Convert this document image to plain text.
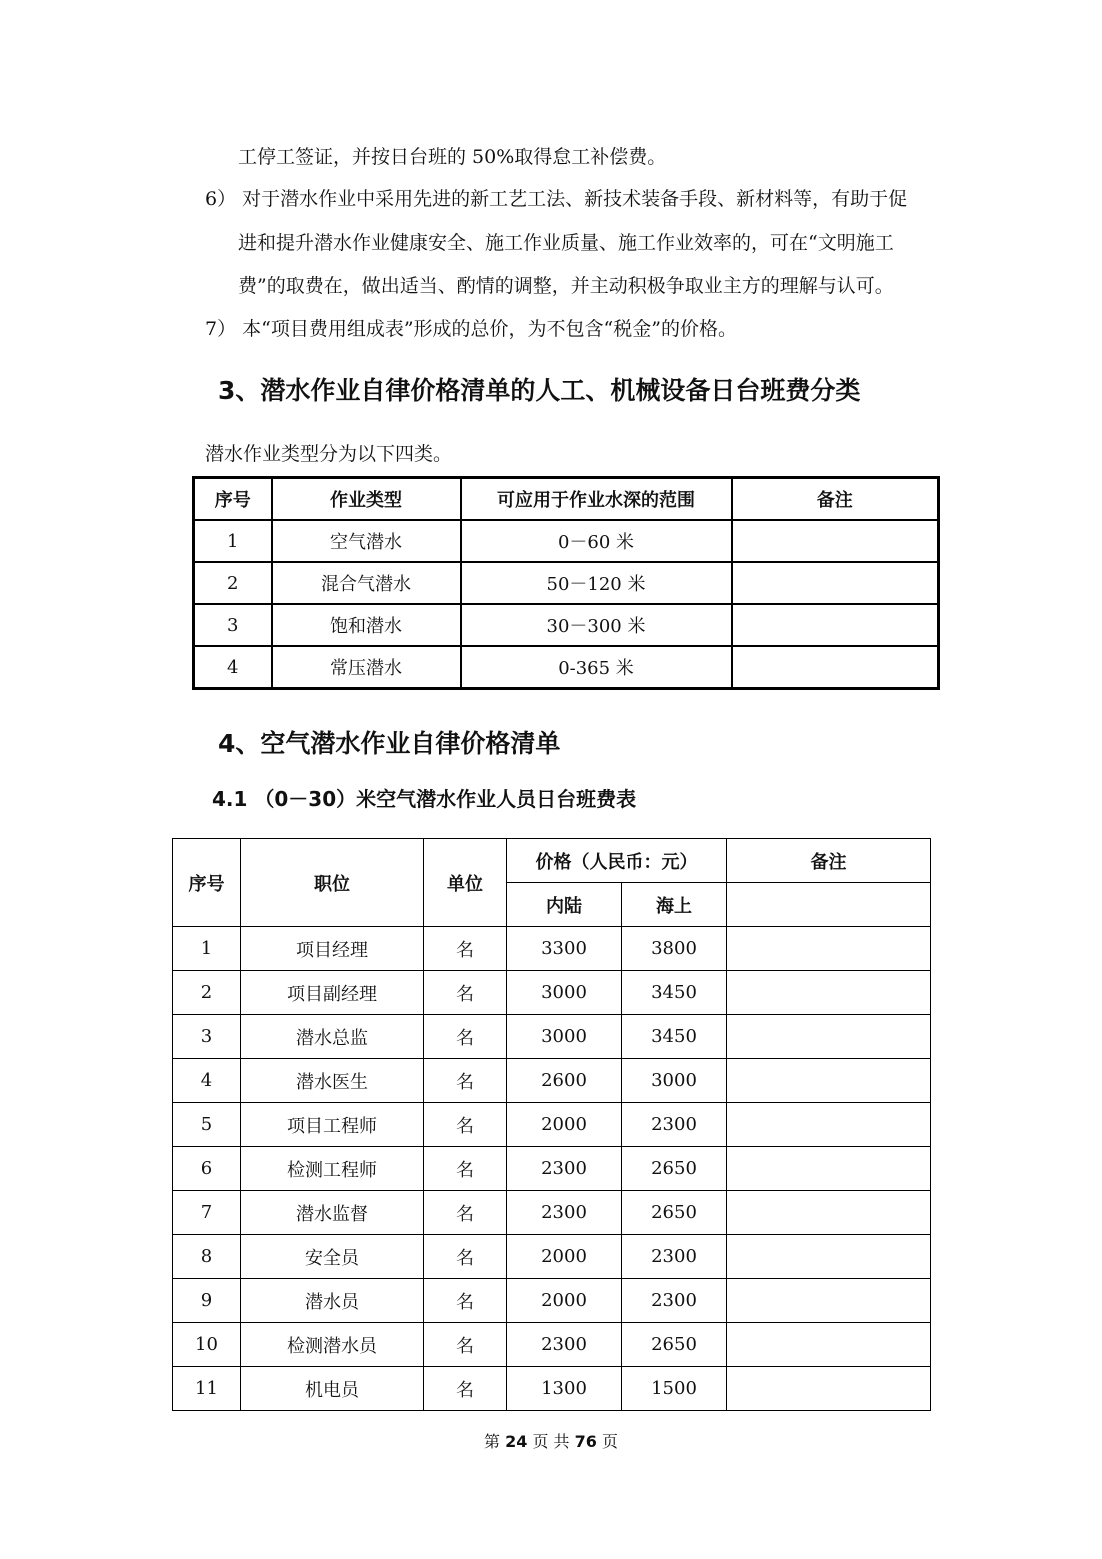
工停工签证，并按日台班的 50%取得怠工补偿费。
6） 对于潜水作业中采用先进的新工艺工法、新技术装备手段、新材料等，有助于促
进和提升潜水作业健康安全、施工作业质量、施工作业效率的，可在“文明施工
费”的取费在，做出适当、酌情的调整，并主动积极争取业主方的理解与认可。
7） 本“项目费用组成表”形成的总价，为不包含“税金”的价格。
3、潜水作业自律价格清单的人工、机械设备日台班费分类
潜水作业类型分为以下四类。
序号	作业类型	可应用于作业水深的范围	备注
1	空气潜水	0－60 米	
2	混合气潜水	50－120 米	
3	饱和潜水	30－300 米	
4	常压潜水	0-365 米	
4、空气潜水作业自律价格清单
4.1 （0－30）米空气潜水作业人员日台班费表
序号	职位	单位	价格（人民币：元）		备注
			内陆	海上	
1	项目经理	名	3300	3800	
2	项目副经理	名	3000	3450	
3	潜水总监	名	3000	3450	
4	潜水医生	名	2600	3000	
5	项目工程师	名	2000	2300	
6	检测工程师	名	2300	2650	
7	潜水监督	名	2300	2650	
8	安全员	名	2000	2300	
9	潜水员	名	2000	2300	
10	检测潜水员	名	2300	2650	
11	机电员	名	1300	1500	
第 24 页 共 76 页
